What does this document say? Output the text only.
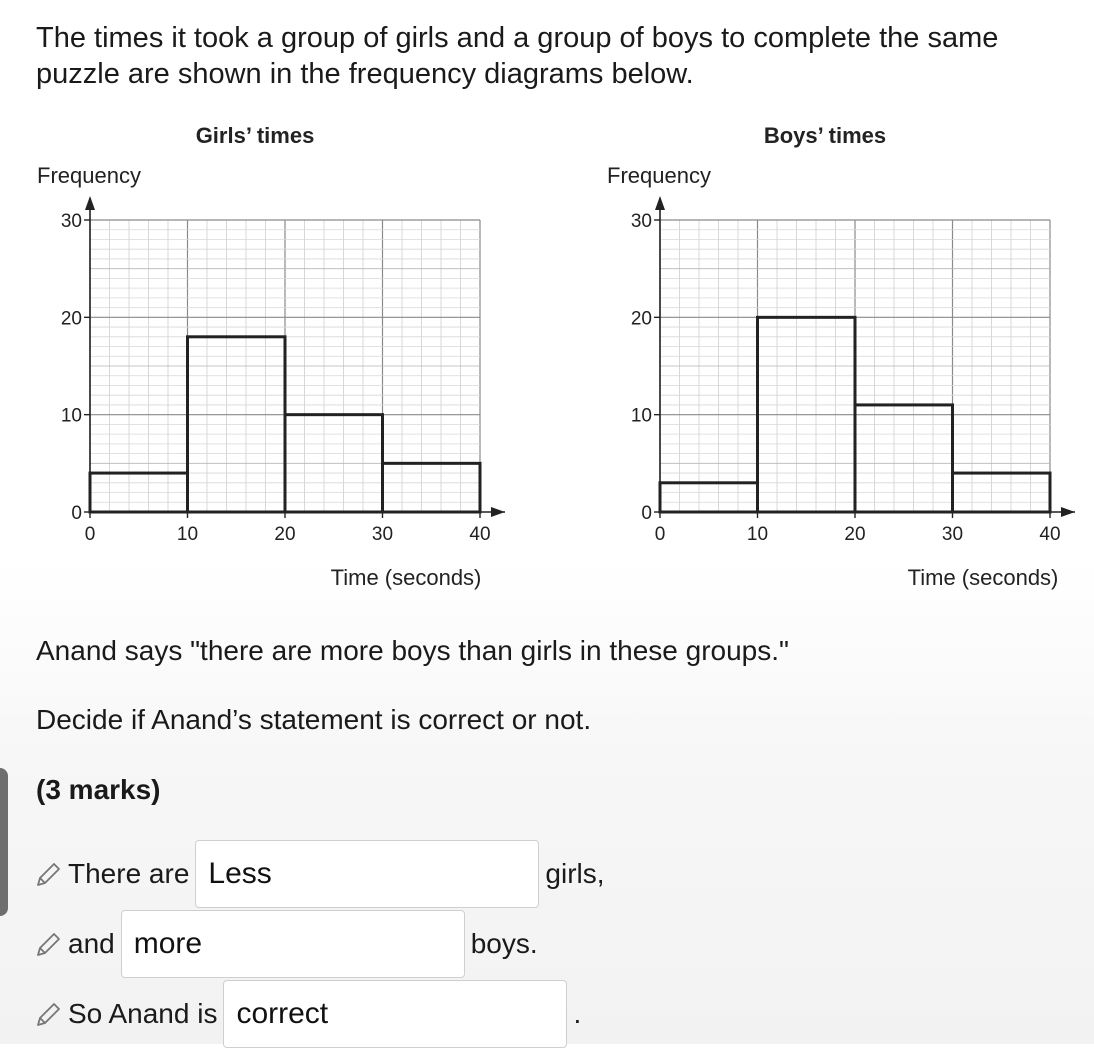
The times it took a group of girls and a group of boys to complete the same puzzle are shown in the frequency diagrams below.

0
10
20
30
0	10	20	30	40
Girls’ times
Frequency
Time (seconds)
0
10
20
30
0	10	20	30	40
Boys’ times
Frequency
Time (seconds)

Anand says "there are more boys than girls in these groups."

Decide if Anand’s statement is correct or not.

(3 marks)

There are
Less	girls,
and
more	boys.
So Anand is
correct	.
